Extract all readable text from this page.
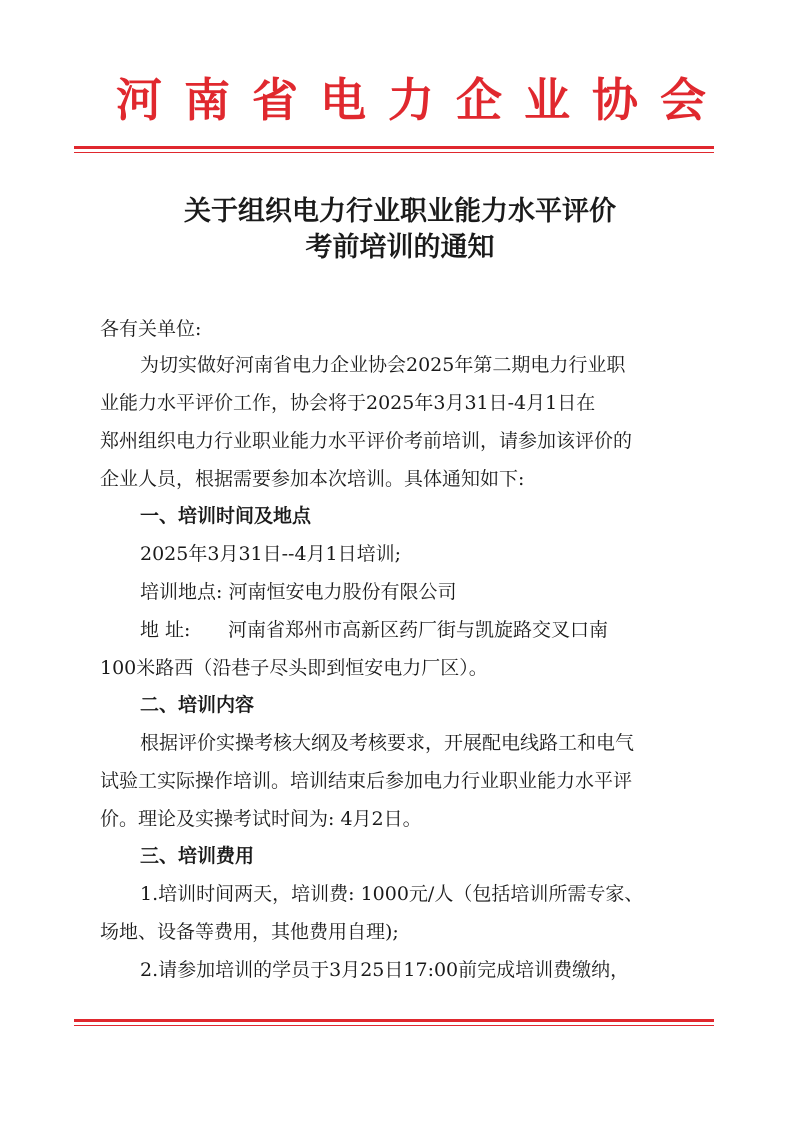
河南省电力企业协会
关于组织电力行业职业能力水平评价
考前培训的通知
各有关单位:
为切实做好河南省电力企业协会2025年第二期电力行业职
业能力水平评价工作，协会将于2025年3月31日-4月1日在
郑州组织电力行业职业能力水平评价考前培训，请参加该评价的
企业人员，根据需要参加本次培训。具体通知如下:
一、培训时间及地点
2025年3月31日--4月1日培训;
培训地点: 河南恒安电力股份有限公司
地 址: 河南省郑州市高新区药厂街与凯旋路交叉口南
100米路西（沿巷子尽头即到恒安电力厂区）。
二、培训内容
根据评价实操考核大纲及考核要求，开展配电线路工和电气
试验工实际操作培训。培训结束后参加电力行业职业能力水平评
价。理论及实操考试时间为: 4月2日。
三、培训费用
1.培训时间两天，培训费: 1000元/人（包括培训所需专家、
场地、设备等费用，其他费用自理);
2.请参加培训的学员于3月25日17:00前完成培训费缴纳，
